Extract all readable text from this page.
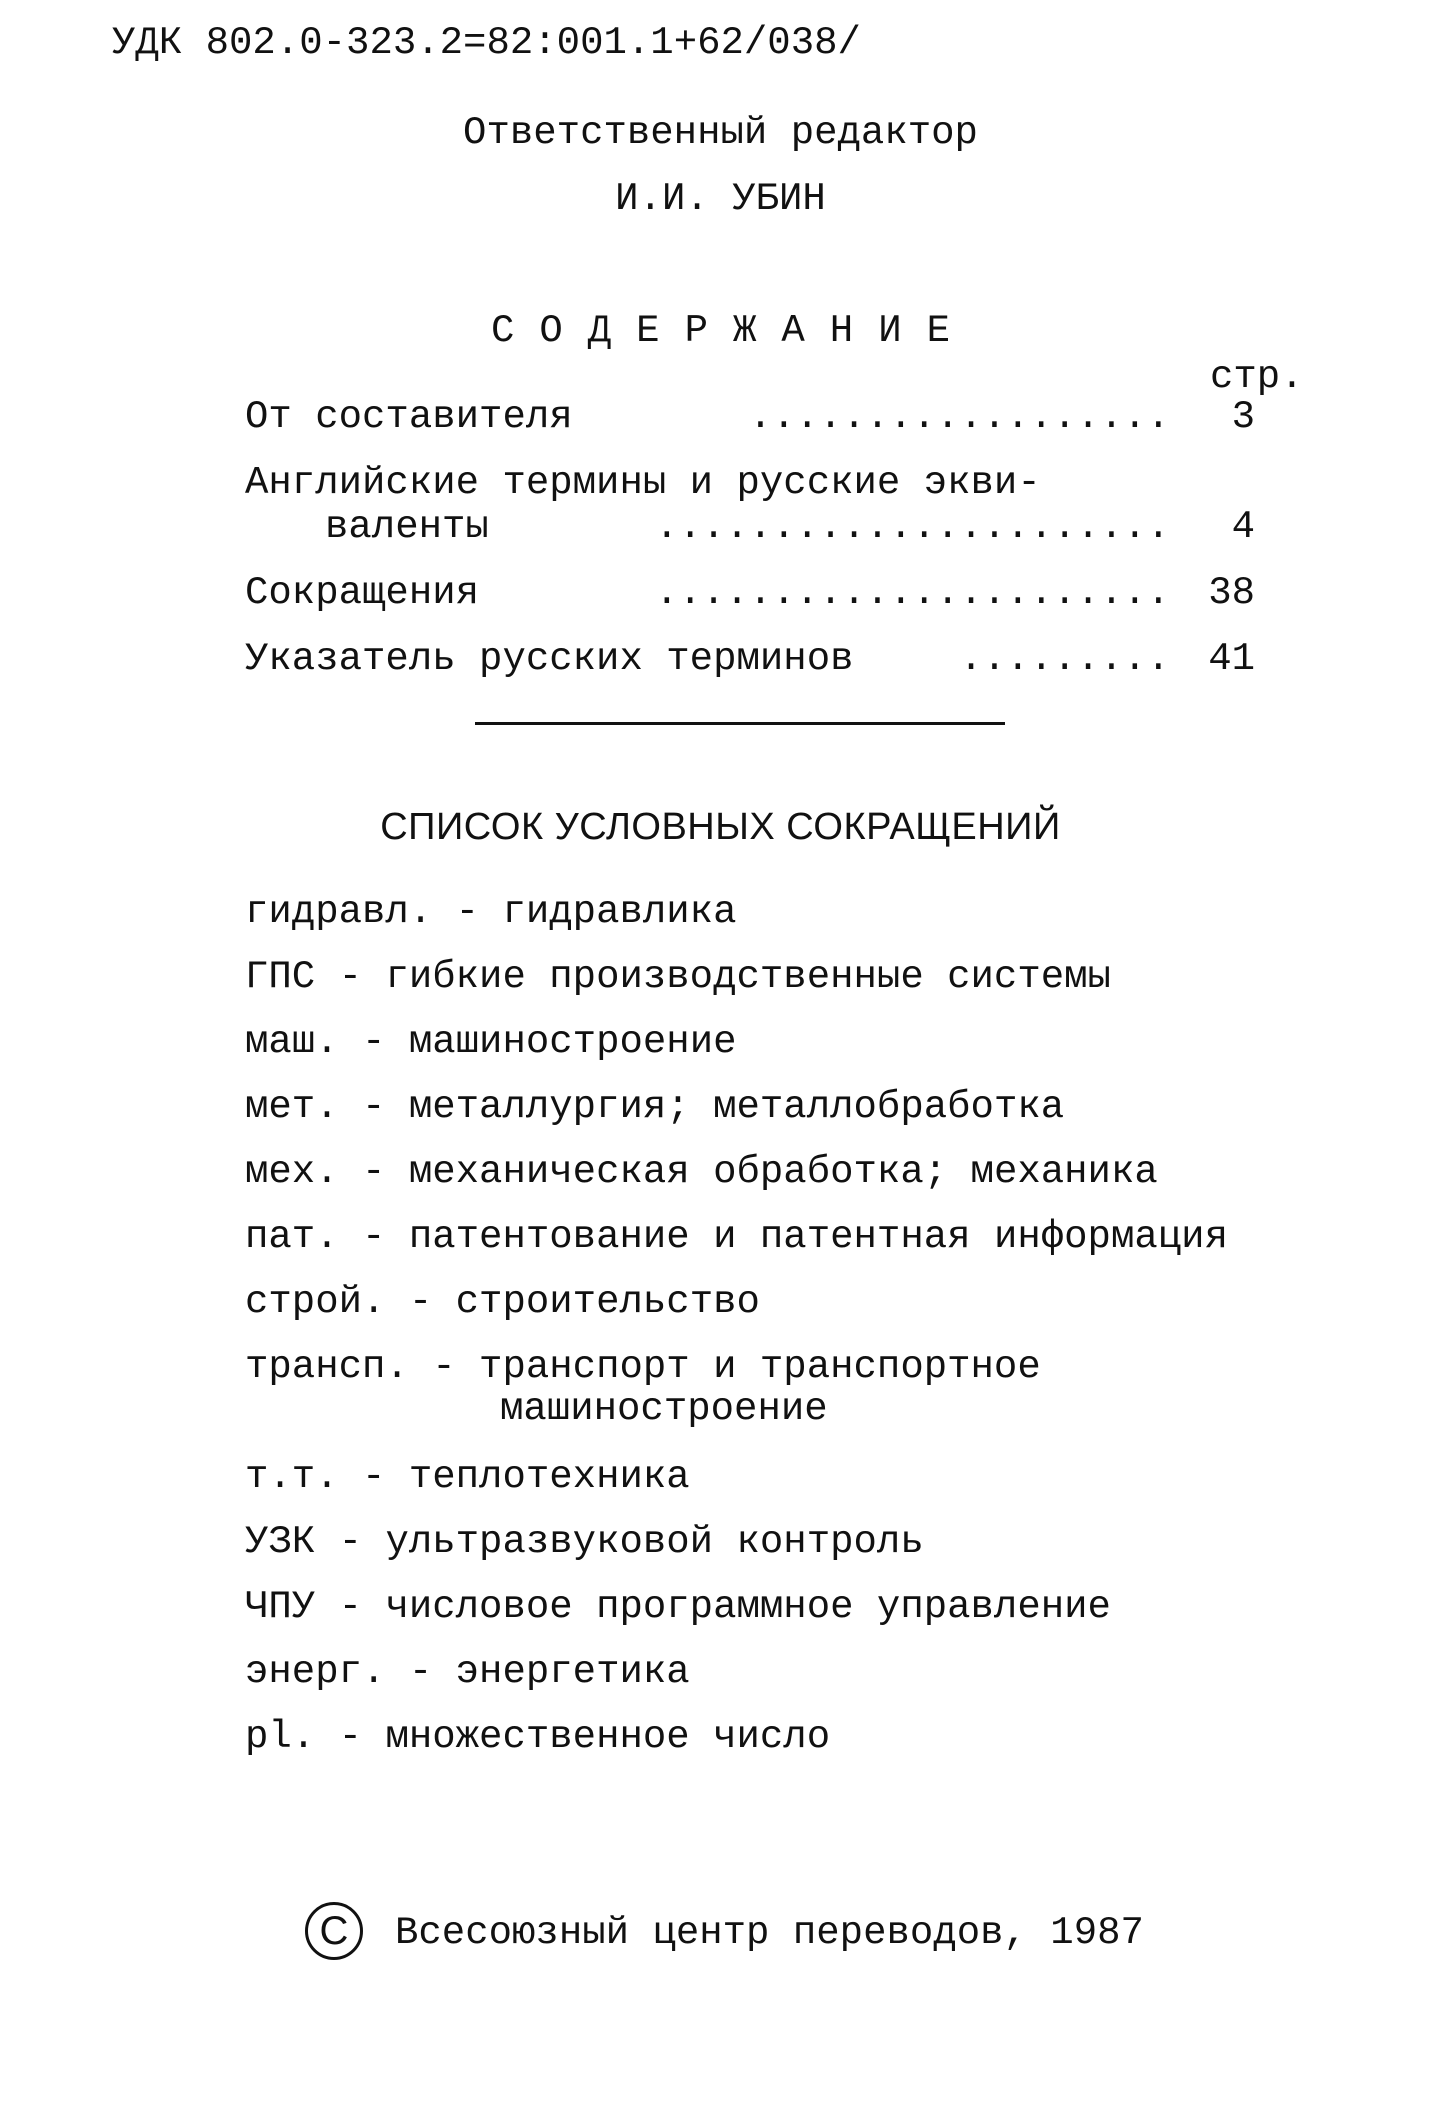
УДК 802.0-323.2=82:001.1+62/038/
Ответственный редактор
И.И. УБИН
СОДЕРЖАНИЕ
стр.
От составителя	..................	3
Английские термины и русские экви-
валенты	......................	4
Сокращения	...................... 38
Указатель русских терминов ......... 41
СПИСОК УСЛОВНЫХ СОКРАЩЕНИЙ
гидравл. - гидравлика
ГПС - гибкие производственные системы
маш. - машиностроение
мет. - металлургия; металлобработка
мех. - механическая обработка; механика
пат. - патентование и патентная информация
строй. - строительство
трансп. - транспорт и транспортное
машиностроение
т.т. - теплотехника
УЗК - ультразвуковой контроль
ЧПУ - числовое программное управление
энерг. - энергетика
pl. - множественное число
C	Всесоюзный центр переводов, 1987
